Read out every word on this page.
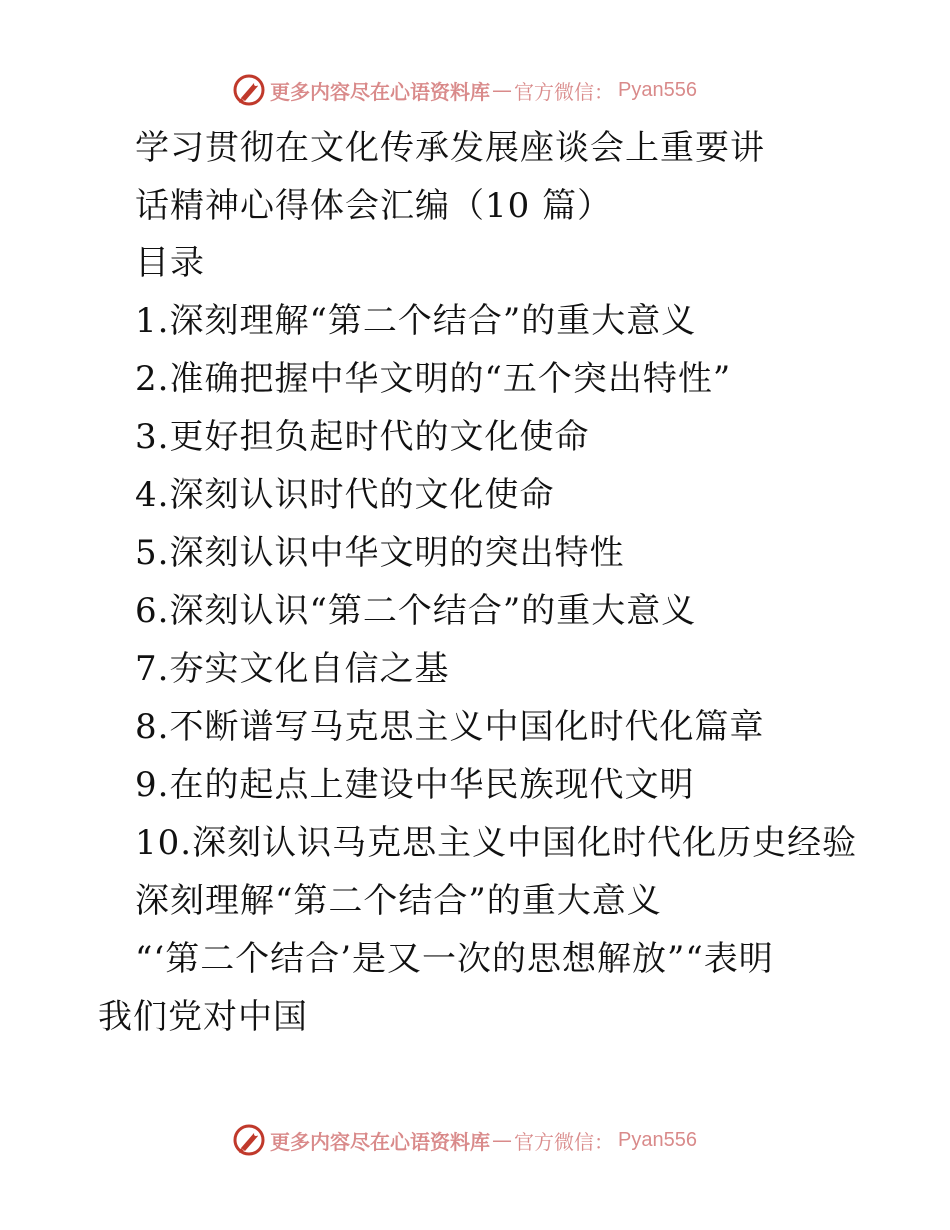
更多内容尽在心语资料库 — 官方微信： Pyan556
学习贯彻在文化传承发展座谈会上重要讲
话精神心得体会汇编（10 篇）
目录
1.深刻理解“第二个结合”的重大意义
2.准确把握中华文明的“五个突出特性”
3.更好担负起时代的文化使命
4.深刻认识时代的文化使命
5.深刻认识中华文明的突出特性
6.深刻认识“第二个结合”的重大意义
7.夯实文化自信之基
8.不断谱写马克思主义中国化时代化篇章
9.在的起点上建设中华民族现代文明
10.深刻认识马克思主义中国化时代化历史经验
深刻理解“第二个结合”的重大意义
“‘第二个结合’是又一次的思想解放”“表明
我们党对中国
更多内容尽在心语资料库 — 官方微信： Pyan556
